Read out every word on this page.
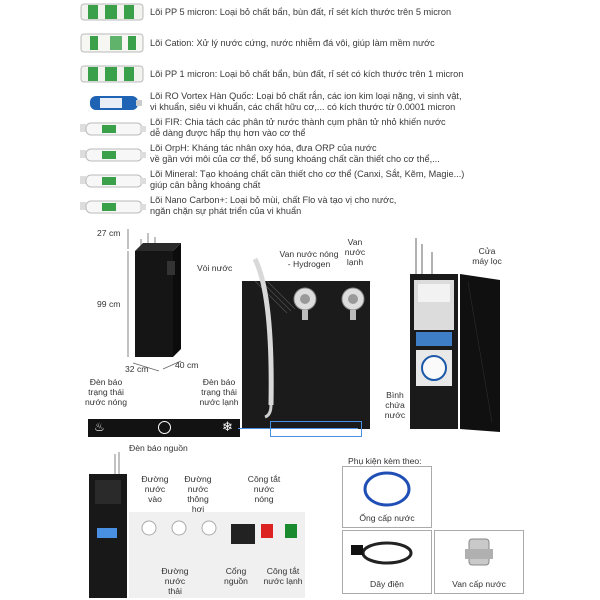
Lõi PP 5 micron: Loại bỏ chất bẩn, bùn đất, rỉ sét kích thước trên 5 micron
Lõi Cation: Xử lý nước cứng, nước nhiễm đá vôi, giúp làm mềm nước
Lõi PP 1 micron: Loại bỏ chất bẩn, bùn đất, rỉ sét có kích thước trên 1 micron
Lõi RO Vortex Hàn Quốc: Loại bỏ chất rắn, các ion kim loại nặng, vi sinh vật,
vi khuẩn, siêu vi khuẩn, các chất hữu cơ,... có kích thước từ 0.0001 micron
Lõi FIR: Chia tách các phân tử nước thành cụm phân tử nhỏ khiến nước
dễ dàng được hấp thụ hơn vào cơ thể
Lõi OrpH: Kháng tác nhân oxy hóa, đưa ORP của nước
về gần với môi của cơ thể, bổ sung khoáng chất cần thiết cho cơ thể,...
Lõi Mineral: Tạo khoáng chất cần thiết cho cơ thể (Canxi, Sắt, Kẽm, Magie...)
giúp cân bằng khoáng chất
Lõi Nano Carbon+: Loại bỏ mùi, chất Flo và tạo vị cho nước,
ngăn chặn sự phát triển của vi khuẩn
27 cm
99 cm
32 cm	40 cm
Vòi nước
Van nước nóng - Hydrogen
Van nước lạnh
Cửa máy lọc
Bình chứa nước
Đèn báo trạng thái nước nóng
Đèn báo trạng thái nước lạnh
♨	❄
Đèn báo nguồn
Đường nước vào
Đường nước thông hơi
Công tắt nước nóng
Đường nước thải
Cổng nguồn
Công tắt nước lạnh
Phụ kiện kèm theo:
Ống cấp nước
Dây điện	Van cấp nước
